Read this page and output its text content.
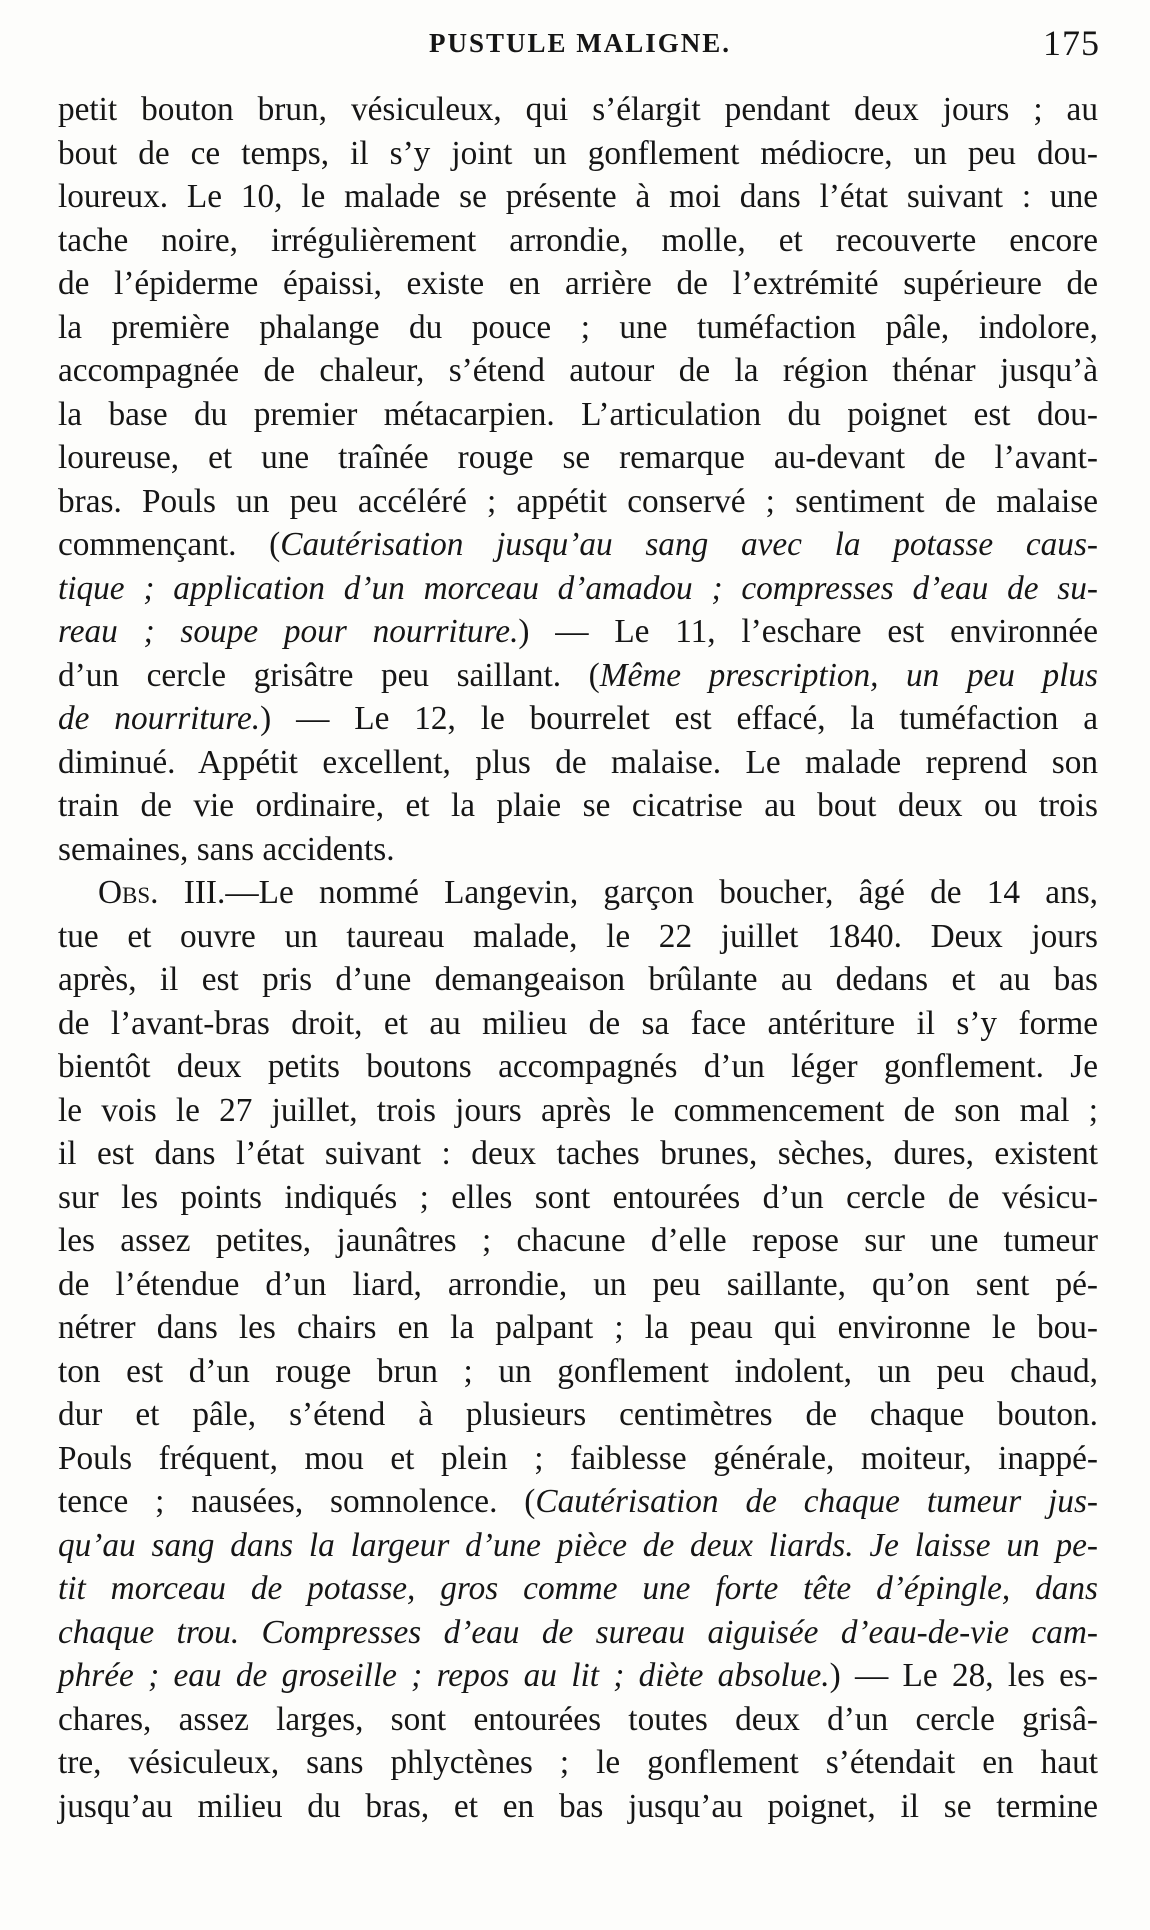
PUSTULE MALIGNE.	175
petit bouton brun, vésiculeux, qui s’élargit pendant deux jours ; au
bout de ce temps, il s’y joint un gonflement médiocre, un peu dou-
loureux. Le 10, le malade se présente à moi dans l’état suivant : une
tache noire, irrégulièrement arrondie, molle, et recouverte encore
de l’épiderme épaissi, existe en arrière de l’extrémité supérieure de
la première phalange du pouce ; une tuméfaction pâle, indolore,
accompagnée de chaleur, s’étend autour de la région thénar jusqu’à
la base du premier métacarpien. L’articulation du poignet est dou-
loureuse, et une traînée rouge se remarque au-devant de l’avant-
bras. Pouls un peu accéléré ; appétit conservé ; sentiment de malaise
commençant. (Cautérisation jusqu’au sang avec la potasse caus-
tique ; application d’un morceau d’amadou ; compresses d’eau de su-
reau ; soupe pour nourriture.) — Le 11, l’eschare est environnée
d’un cercle grisâtre peu saillant. (Même prescription, un peu plus
de nourriture.) — Le 12, le bourrelet est effacé, la tuméfaction a
diminué. Appétit excellent, plus de malaise. Le malade reprend son
train de vie ordinaire, et la plaie se cicatrise au bout deux ou trois
semaines, sans accidents.
Obs. III.—Le nommé Langevin, garçon boucher, âgé de 14 ans,
tue et ouvre un taureau malade, le 22 juillet 1840. Deux jours
après, il est pris d’une demangeaison brûlante au dedans et au bas
de l’avant-bras droit, et au milieu de sa face antériture il s’y forme
bientôt deux petits boutons accompagnés d’un léger gonflement. Je
le vois le 27 juillet, trois jours après le commencement de son mal ;
il est dans l’état suivant : deux taches brunes, sèches, dures, existent
sur les points indiqués ; elles sont entourées d’un cercle de vésicu-
les assez petites, jaunâtres ; chacune d’elle repose sur une tumeur
de l’étendue d’un liard, arrondie, un peu saillante, qu’on sent pé-
nétrer dans les chairs en la palpant ; la peau qui environne le bou-
ton est d’un rouge brun ; un gonflement indolent, un peu chaud,
dur et pâle, s’étend à plusieurs centimètres de chaque bouton.
Pouls fréquent, mou et plein ; faiblesse générale, moiteur, inappé-
tence ; nausées, somnolence. (Cautérisation de chaque tumeur jus-
qu’au sang dans la largeur d’une pièce de deux liards. Je laisse un pe-
tit morceau de potasse, gros comme une forte tête d’épingle, dans
chaque trou. Compresses d’eau de sureau aiguisée d’eau-de-vie cam-
phrée ; eau de groseille ; repos au lit ; diète absolue.) — Le 28, les es-
chares, assez larges, sont entourées toutes deux d’un cercle grisâ-
tre, vésiculeux, sans phlyctènes ; le gonflement s’étendait en haut
jusqu’au milieu du bras, et en bas jusqu’au poignet, il se termine
